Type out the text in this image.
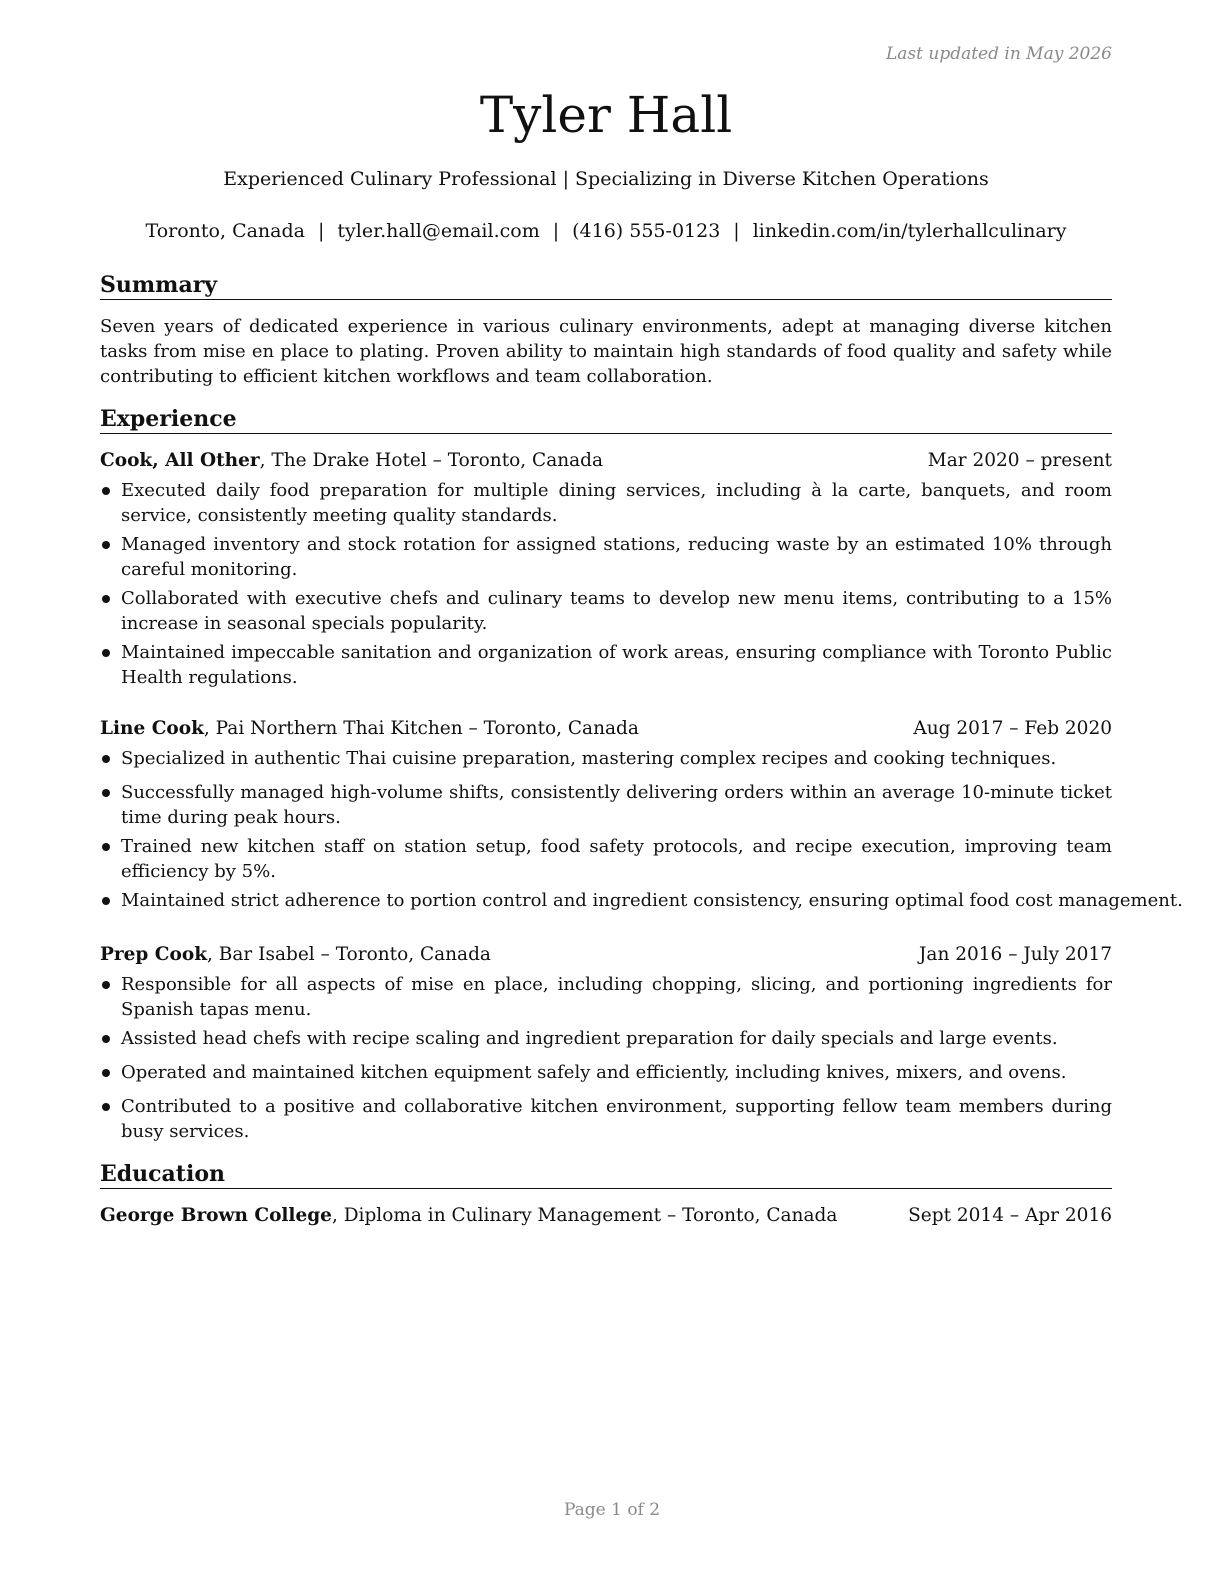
Last updated in May 2026
Tyler Hall
Experienced Culinary Professional | Specializing in Diverse Kitchen Operations
Toronto, Canada | tyler.hall@email.com | (416) 555-0123 | linkedin.com/in/tylerhallculinary
Summary
Seven years of dedicated experience in various culinary environments, adept at managing diverse kitchen tasks from mise en place to plating. Proven ability to maintain high standards of food quality and safety while contributing to efficient kitchen workflows and team collaboration.
Experience
Cook, All Other, The Drake Hotel – Toronto, Canada	Mar 2020 – present
Executed daily food preparation for multiple dining services, including à la carte, banquets, and room service, consistently meeting quality standards.
Managed inventory and stock rotation for assigned stations, reducing waste by an estimated 10% through careful monitoring.
Collaborated with executive chefs and culinary teams to develop new menu items, contributing to a 15% increase in seasonal specials popularity.
Maintained impeccable sanitation and organization of work areas, ensuring compliance with Toronto Public Health regulations.
Line Cook, Pai Northern Thai Kitchen – Toronto, Canada	Aug 2017 – Feb 2020
Specialized in authentic Thai cuisine preparation, mastering complex recipes and cooking techniques.
Successfully managed high-volume shifts, consistently delivering orders within an average 10-minute ticket time during peak hours.
Trained new kitchen staff on station setup, food safety protocols, and recipe execution, improving team efficiency by 5%.
Maintained strict adherence to portion control and ingredient consistency, ensuring optimal food cost management.
Prep Cook, Bar Isabel – Toronto, Canada	Jan 2016 – July 2017
Responsible for all aspects of mise en place, including chopping, slicing, and portioning ingredients for Spanish tapas menu.
Assisted head chefs with recipe scaling and ingredient preparation for daily specials and large events.
Operated and maintained kitchen equipment safely and efficiently, including knives, mixers, and ovens.
Contributed to a positive and collaborative kitchen environment, supporting fellow team members during busy services.
Education
George Brown College, Diploma in Culinary Management – Toronto, Canada	Sept 2014 – Apr 2016
Page 1 of 2
